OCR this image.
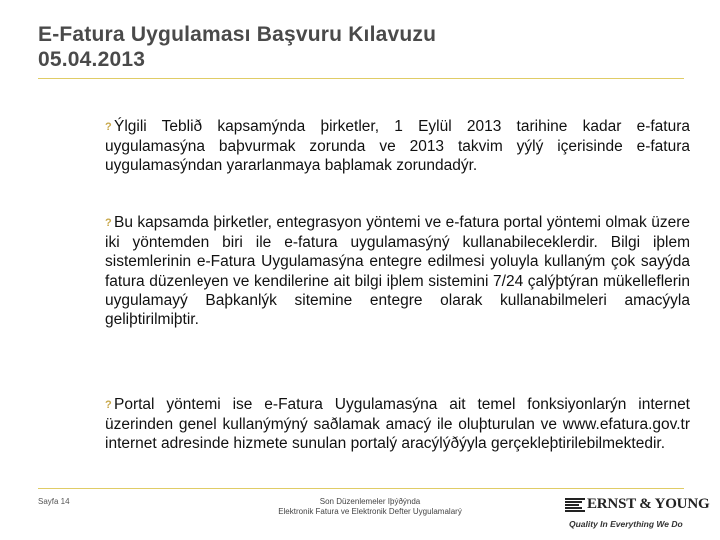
E-Fatura Uygulaması Başvuru Kılavuzu
05.04.2013
? Ýlgili Teblið kapsamýnda þirketler, 1 Eylül 2013 tarihine kadar e-fatura uygulamasýna baþvurmak zorunda ve 2013 takvim yýlý içerisinde e-fatura uygulamasýndan yararlanmaya baþlamak zorundadýr.
? Bu kapsamda þirketler, entegrasyon yöntemi ve e-fatura portal yöntemi olmak üzere iki yöntemden biri ile e-fatura uygulamasýný kullanabileceklerdir. Bilgi iþlem sistemlerinin e-Fatura Uygulamasýna entegre edilmesi yoluyla kullaným çok sayýda fatura düzenleyen ve kendilerine ait bilgi iþlem sistemini 7/24 çalýþtýran mükelleflerin uygulamayý Baþkanlýk sitemine entegre olarak kullanabilmeleri amacýyla geliþtirilmiþtir.
? Portal yöntemi ise e-Fatura Uygulamasýna ait temel fonksiyonlarýn internet üzerinden genel kullanýmýný saðlamak amacý ile oluþturulan ve www.efatura.gov.tr internet adresinde hizmete sunulan portalý aracýlýðýyla gerçekleþtirilebilmektedir.
Sayfa 14	Son Düzenlemeler Iþýðýnda
Elektronik Fatura ve Elektronik Defter Uygulamalarý	ERNST & YOUNG
Quality In Everything We Do
